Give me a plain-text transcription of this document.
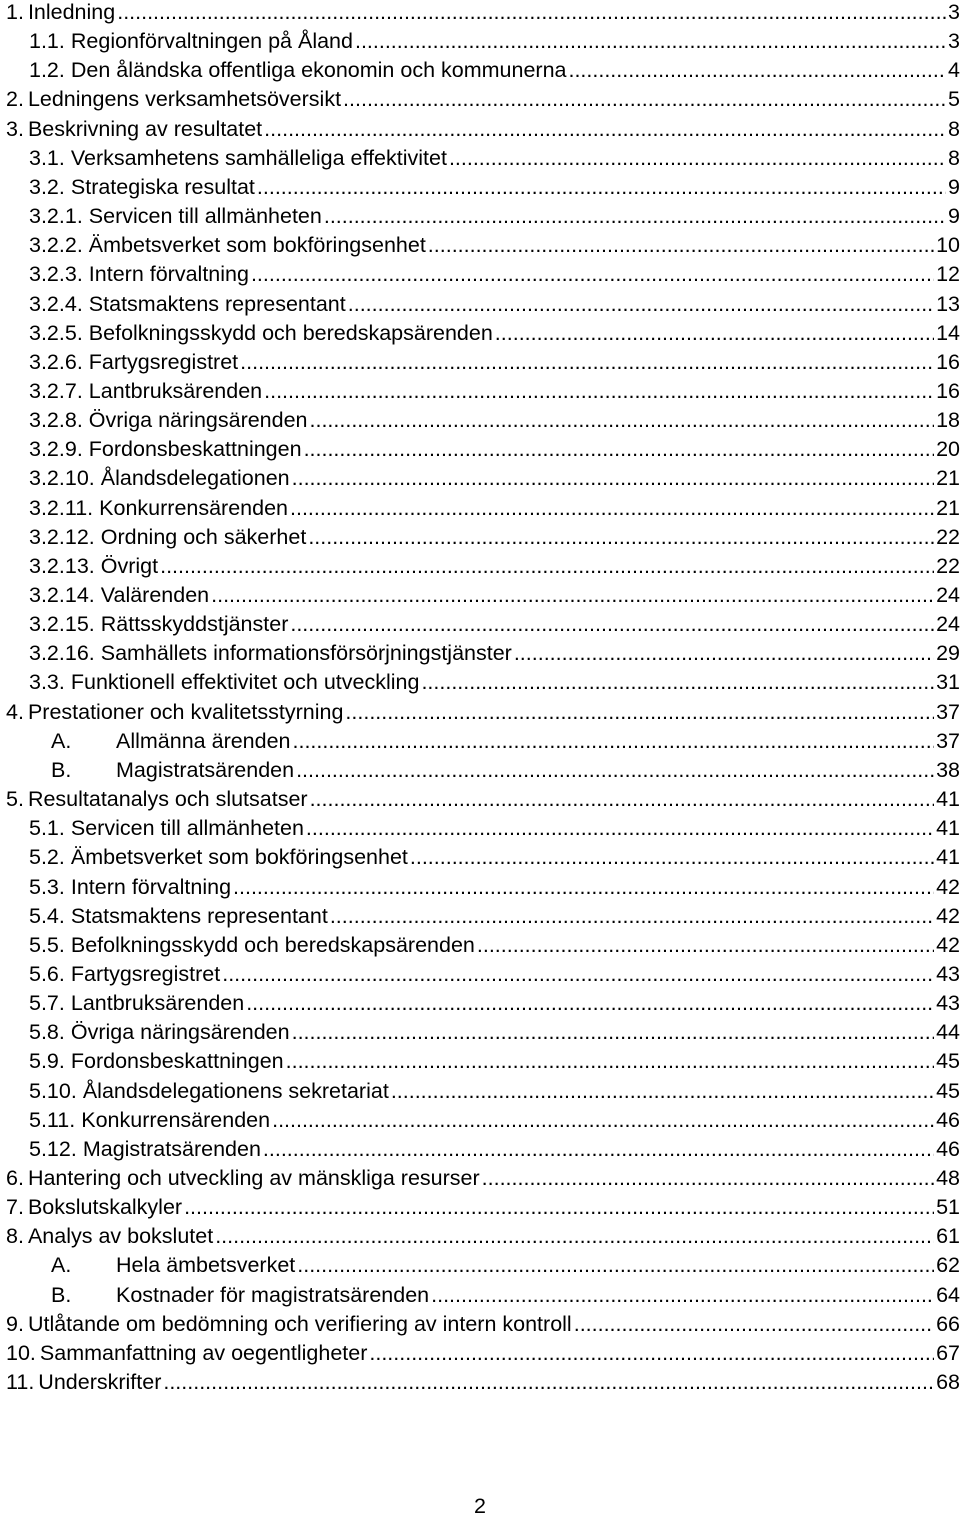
1. Inledning .....	3
1.1. Regionförvaltningen på Åland .....	3
1.2. Den åländska offentliga ekonomin och kommunerna .....	4
2. Ledningens verksamhetsöversikt .....	5
3. Beskrivning av resultatet .....	8
3.1. Verksamhetens samhälleliga effektivitet .....	8
3.2. Strategiska resultat .....	9
3.2.1. Servicen till allmänheten .....	9
3.2.2. Ämbetsverket som bokföringsenhet .....	10
3.2.3. Intern förvaltning .....	12
3.2.4. Statsmaktens representant .....	13
3.2.5. Befolkningsskydd och beredskapsärenden .....	14
3.2.6. Fartygsregistret .....	16
3.2.7. Lantbruksärenden .....	16
3.2.8. Övriga näringsärenden .....	18
3.2.9. Fordonsbeskattningen .....	20
3.2.10. Ålandsdelegationen .....	21
3.2.11. Konkurrensärenden .....	21
3.2.12. Ordning och säkerhet .....	22
3.2.13. Övrigt .....	22
3.2.14. Valärenden .....	24
3.2.15. Rättsskyddstjänster .....	24
3.2.16. Samhällets informationsförsörjningstjänster .....	29
3.3. Funktionell effektivitet och utveckling .....	31
4. Prestationer och kvalitetsstyrning .....	37
A.	Allmänna ärenden .....	37
B.	Magistratsärenden .....	38
5. Resultatanalys och slutsatser .....	41
5.1. Servicen till allmänheten .....	41
5.2. Ämbetsverket som bokföringsenhet .....	41
5.3. Intern förvaltning .....	42
5.4. Statsmaktens representant .....	42
5.5. Befolkningsskydd och beredskapsärenden .....	42
5.6. Fartygsregistret .....	43
5.7. Lantbruksärenden .....	43
5.8. Övriga näringsärenden .....	44
5.9. Fordonsbeskattningen .....	45
5.10. Ålandsdelegationens sekretariat .....	45
5.11. Konkurrensärenden .....	46
5.12. Magistratsärenden .....	46
6. Hantering och utveckling av mänskliga resurser .....	48
7. Bokslutskalkyler .....	51
8. Analys av bokslutet .....	61
A.	Hela ämbetsverket .....	62
B.	Kostnader för magistratsärenden .....	64
9. Utlåtande om bedömning och verifiering av intern kontroll .....	66
10. Sammanfattning av oegentligheter .....	67
11. Underskrifter .....	68
2
